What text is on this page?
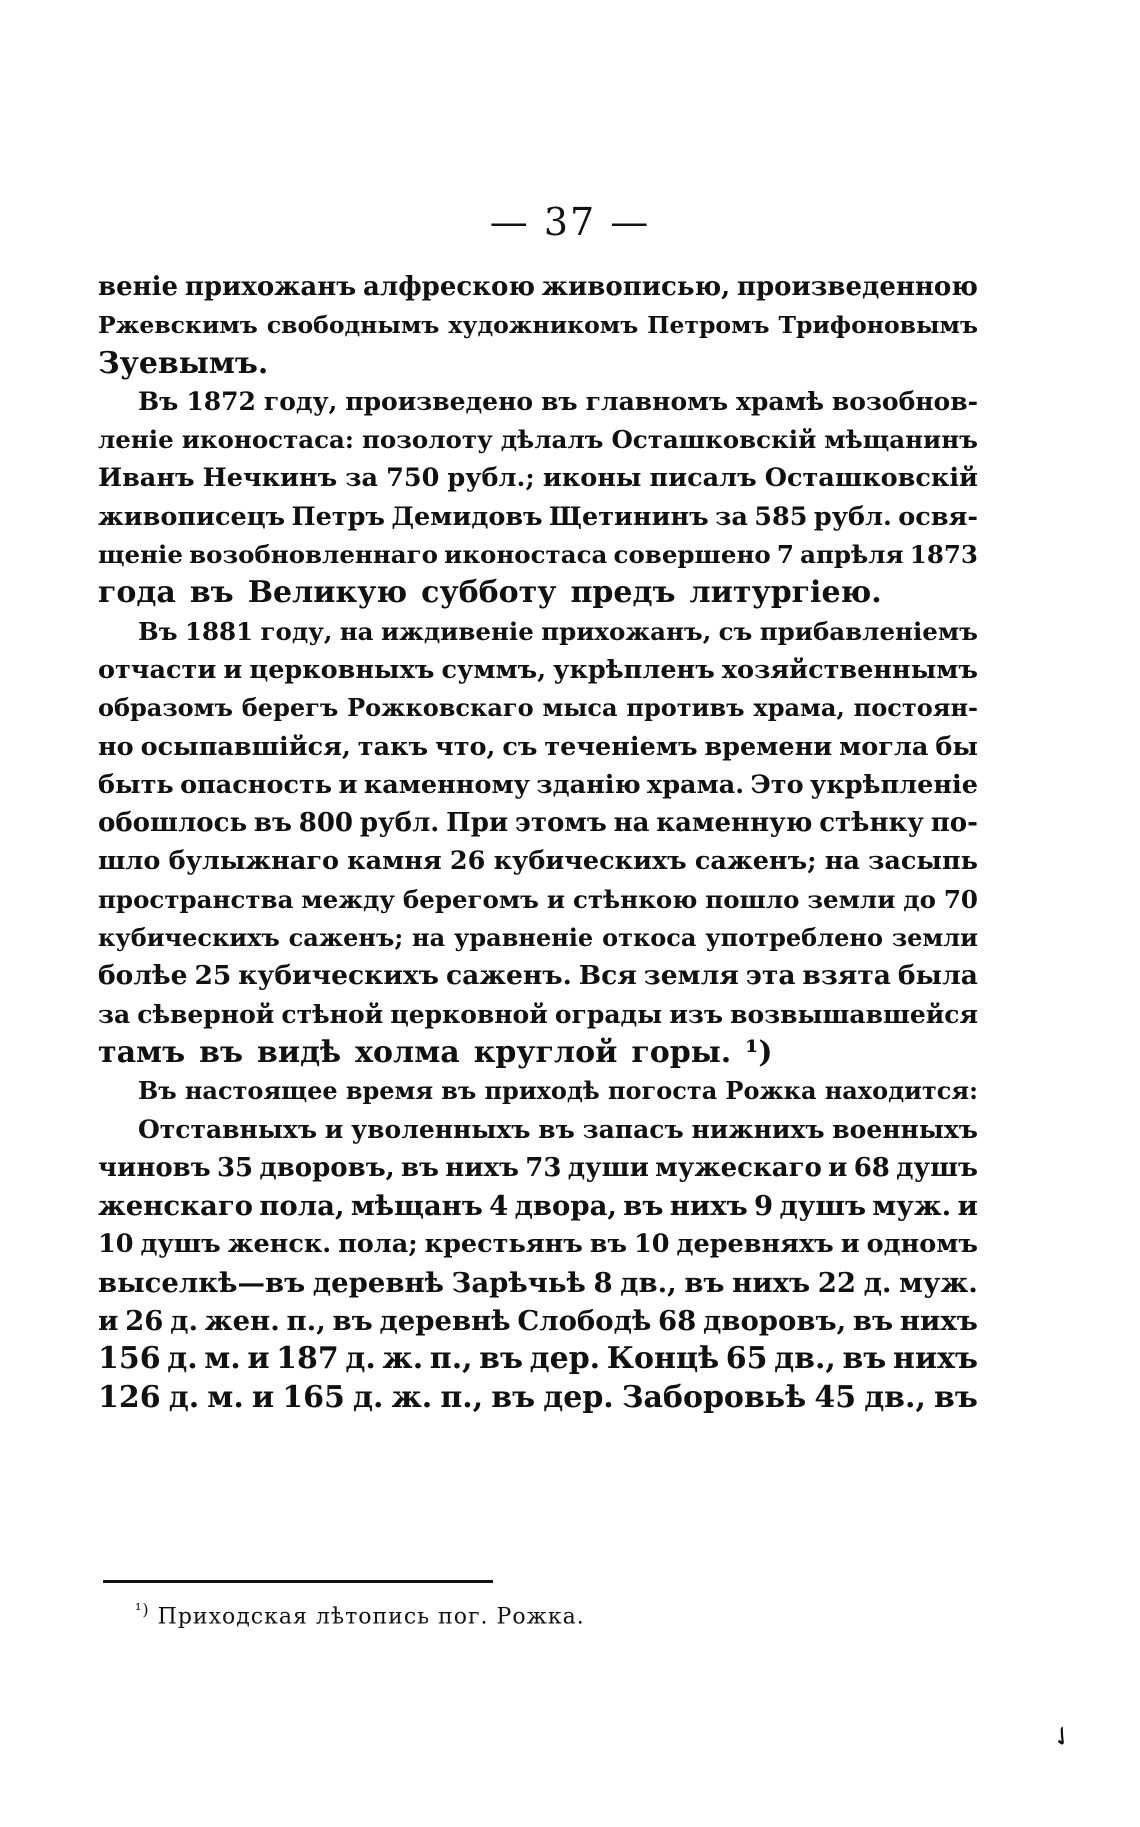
— 37 —
веніе прихожанъ алфрескою живописью, произведенною
Ржевскимъ свободнымъ художникомъ Петромъ Трифоновымъ
Зуевымъ.
Въ 1872 году, произведено въ главномъ храмѣ возобнов-
леніе иконостаса: позолоту дѣлалъ Осташковскій мѣщанинъ
Иванъ Нечкинъ за 750 рубл.; иконы писалъ Осташковскій
живописецъ Петръ Демидовъ Щетининъ за 585 рубл. освя-
щеніе возобновленнаго иконостаса совершено 7 апрѣля 1873
года въ Великую субботу предъ литургіею.
Въ 1881 году, на иждивеніе прихожанъ, съ прибавленіемъ
отчасти и церковныхъ суммъ, укрѣпленъ хозяйственнымъ
образомъ берегъ Рожковскаго мыса противъ храма, постоян-
но осыпавшійся, такъ что, съ теченіемъ времени могла бы
быть опасность и каменному зданію храма. Это укрѣпленіе
обошлось въ 800 рубл. При этомъ на каменную стѣнку по-
шло булыжнаго камня 26 кубическихъ саженъ; на засыпь
пространства между берегомъ и стѣнкою пошло земли до 70
кубическихъ саженъ; на уравненіе откоса употреблено земли
болѣе 25 кубическихъ саженъ. Вся земля эта взята была
за сѣверной стѣной церковной ограды изъ возвышавшейся
тамъ въ видѣ холма круглой горы. ¹)
Въ настоящее время въ приходѣ погоста Рожка находится:
Отставныхъ и уволенныхъ въ запасъ нижнихъ военныхъ
чиновъ 35 дворовъ, въ нихъ 73 души мужескаго и 68 душъ
женскаго пола, мѣщанъ 4 двора, въ нихъ 9 душъ муж. и
10 душъ женск. пола; крестьянъ въ 10 деревняхъ и одномъ
выселкѣ—въ деревнѣ Зарѣчьѣ 8 дв., въ нихъ 22 д. муж.
и 26 д. жен. п., въ деревнѣ Слободѣ 68 дворовъ, въ нихъ
156 д. м. и 187 д. ж. п., въ дер. Концѣ 65 дв., въ нихъ
126 д. м. и 165 д. ж. п., въ дер. Заборовьѣ 45 дв., въ
$^{^1)}$ Приходская лѣтопись пог. Рожка.
✓
